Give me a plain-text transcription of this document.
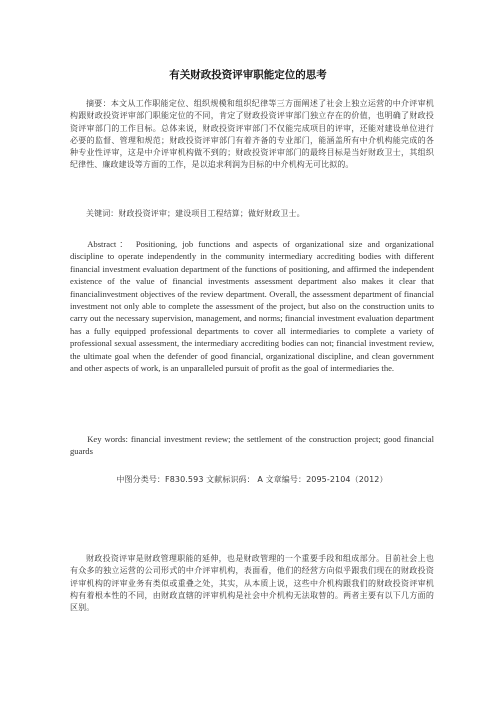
有关财政投资评审职能定位的思考
摘要：本文从工作职能定位、组织规模和组织纪律等三方面阐述了社会上独立运营的中介评审机构跟财政投资评审部门职能定位的不同，肯定了财政投资评审部门独立存在的价值，也明确了财政投资评审部门的工作目标。总体来说，财政投资评审部门不仅能完成项目的评审，还能对建设单位进行必要的监督、管理和规范；财政投资评审部门有着齐备的专业部门，能涵盖所有中介机构能完成的各种专业性评审，这是中介评审机构做不到的；财政投资评审部门的最终目标是当好财政卫士，其组织纪律性、廉政建设等方面的工作，是以追求利润为目标的中介机构无可比拟的。
关键词：财政投资评审；建设项目工程结算；做好财政卫士。
Abstract： Positioning, job functions and aspects of organizational size and organizational discipline to operate independently in the community intermediary accrediting bodies with different financial investment evaluation department of the functions of positioning, and affirmed the independent existence of the value of financial investments assessment department also makes it clear that financialinvestment objectives of the review department. Overall, the assessment department of financial investment not only able to complete the assessment of the project, but also on the construction units to carry out the necessary supervision, management, and norms; financial investment evaluation department has a fully equipped professional departments to cover all intermediaries to complete a variety of professional sexual assessment, the intermediary accrediting bodies can not; financial investment review, the ultimate goal when the defender of good financial, organizational discipline, and clean government and other aspects of work, is an unparalleled pursuit of profit as the goal of intermediaries the.
Key words: financial investment review; the settlement of the construction project; good financial guards
中图分类号：F830.593 文献标识码： A 文章编号：2095-2104（2012）
财政投资评审是财政管理职能的延伸，也是财政管理的一个重要手段和组成部分。目前社会上也有众多的独立运营的公司形式的中介评审机构，表面看，他们的经营方向似乎跟我们现在的财政投资评审机构的评审业务有类似或重叠之处，其实，从本质上说，这些中介机构跟我们的财政投资评审机构有着根本性的不同，由财政直辖的评审机构是社会中介机构无法取替的。两者主要有以下几方面的区别。
